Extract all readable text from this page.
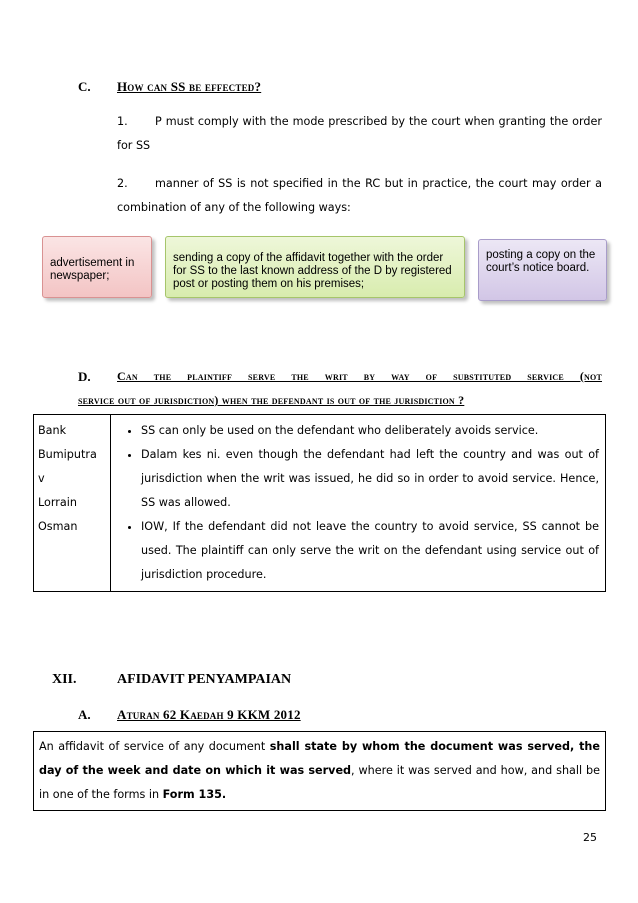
C. How can SS be effected?
1. P must comply with the mode prescribed by the court when granting the order for SS
2. manner of SS is not specified in the RC but in practice, the court may order a combination of any of the following ways:
advertisement in newspaper;
sending a copy of the affidavit together with the order for SS to the last known address of the D by registered post or posting them on his premises;
posting a copy on the court’s notice board.
D. Can the plaintiff serve the writ by way of substituted service (not
service out of jurisdiction) when the defendant is out of the jurisdiction ?
Bank
Bumiputra
v
Lorrain
Osman

• SS can only be used on the defendant who deliberately avoids service.
• Dalam kes ni. even though the defendant had left the country and was out of jurisdiction when the writ was issued, he did so in order to avoid service. Hence, SS was allowed.
• IOW, If the defendant did not leave the country to avoid service, SS cannot be used. The plaintiff can only serve the writ on the defendant using service out of jurisdiction procedure.
XII.	AFIDAVIT PENYAMPAIAN
A. Aturan 62 Kaedah 9 KKM 2012
An affidavit of service of any document shall state by whom the document was served, the day of the week and date on which it was served, where it was served and how, and shall be in one of the forms in Form 135.
25
